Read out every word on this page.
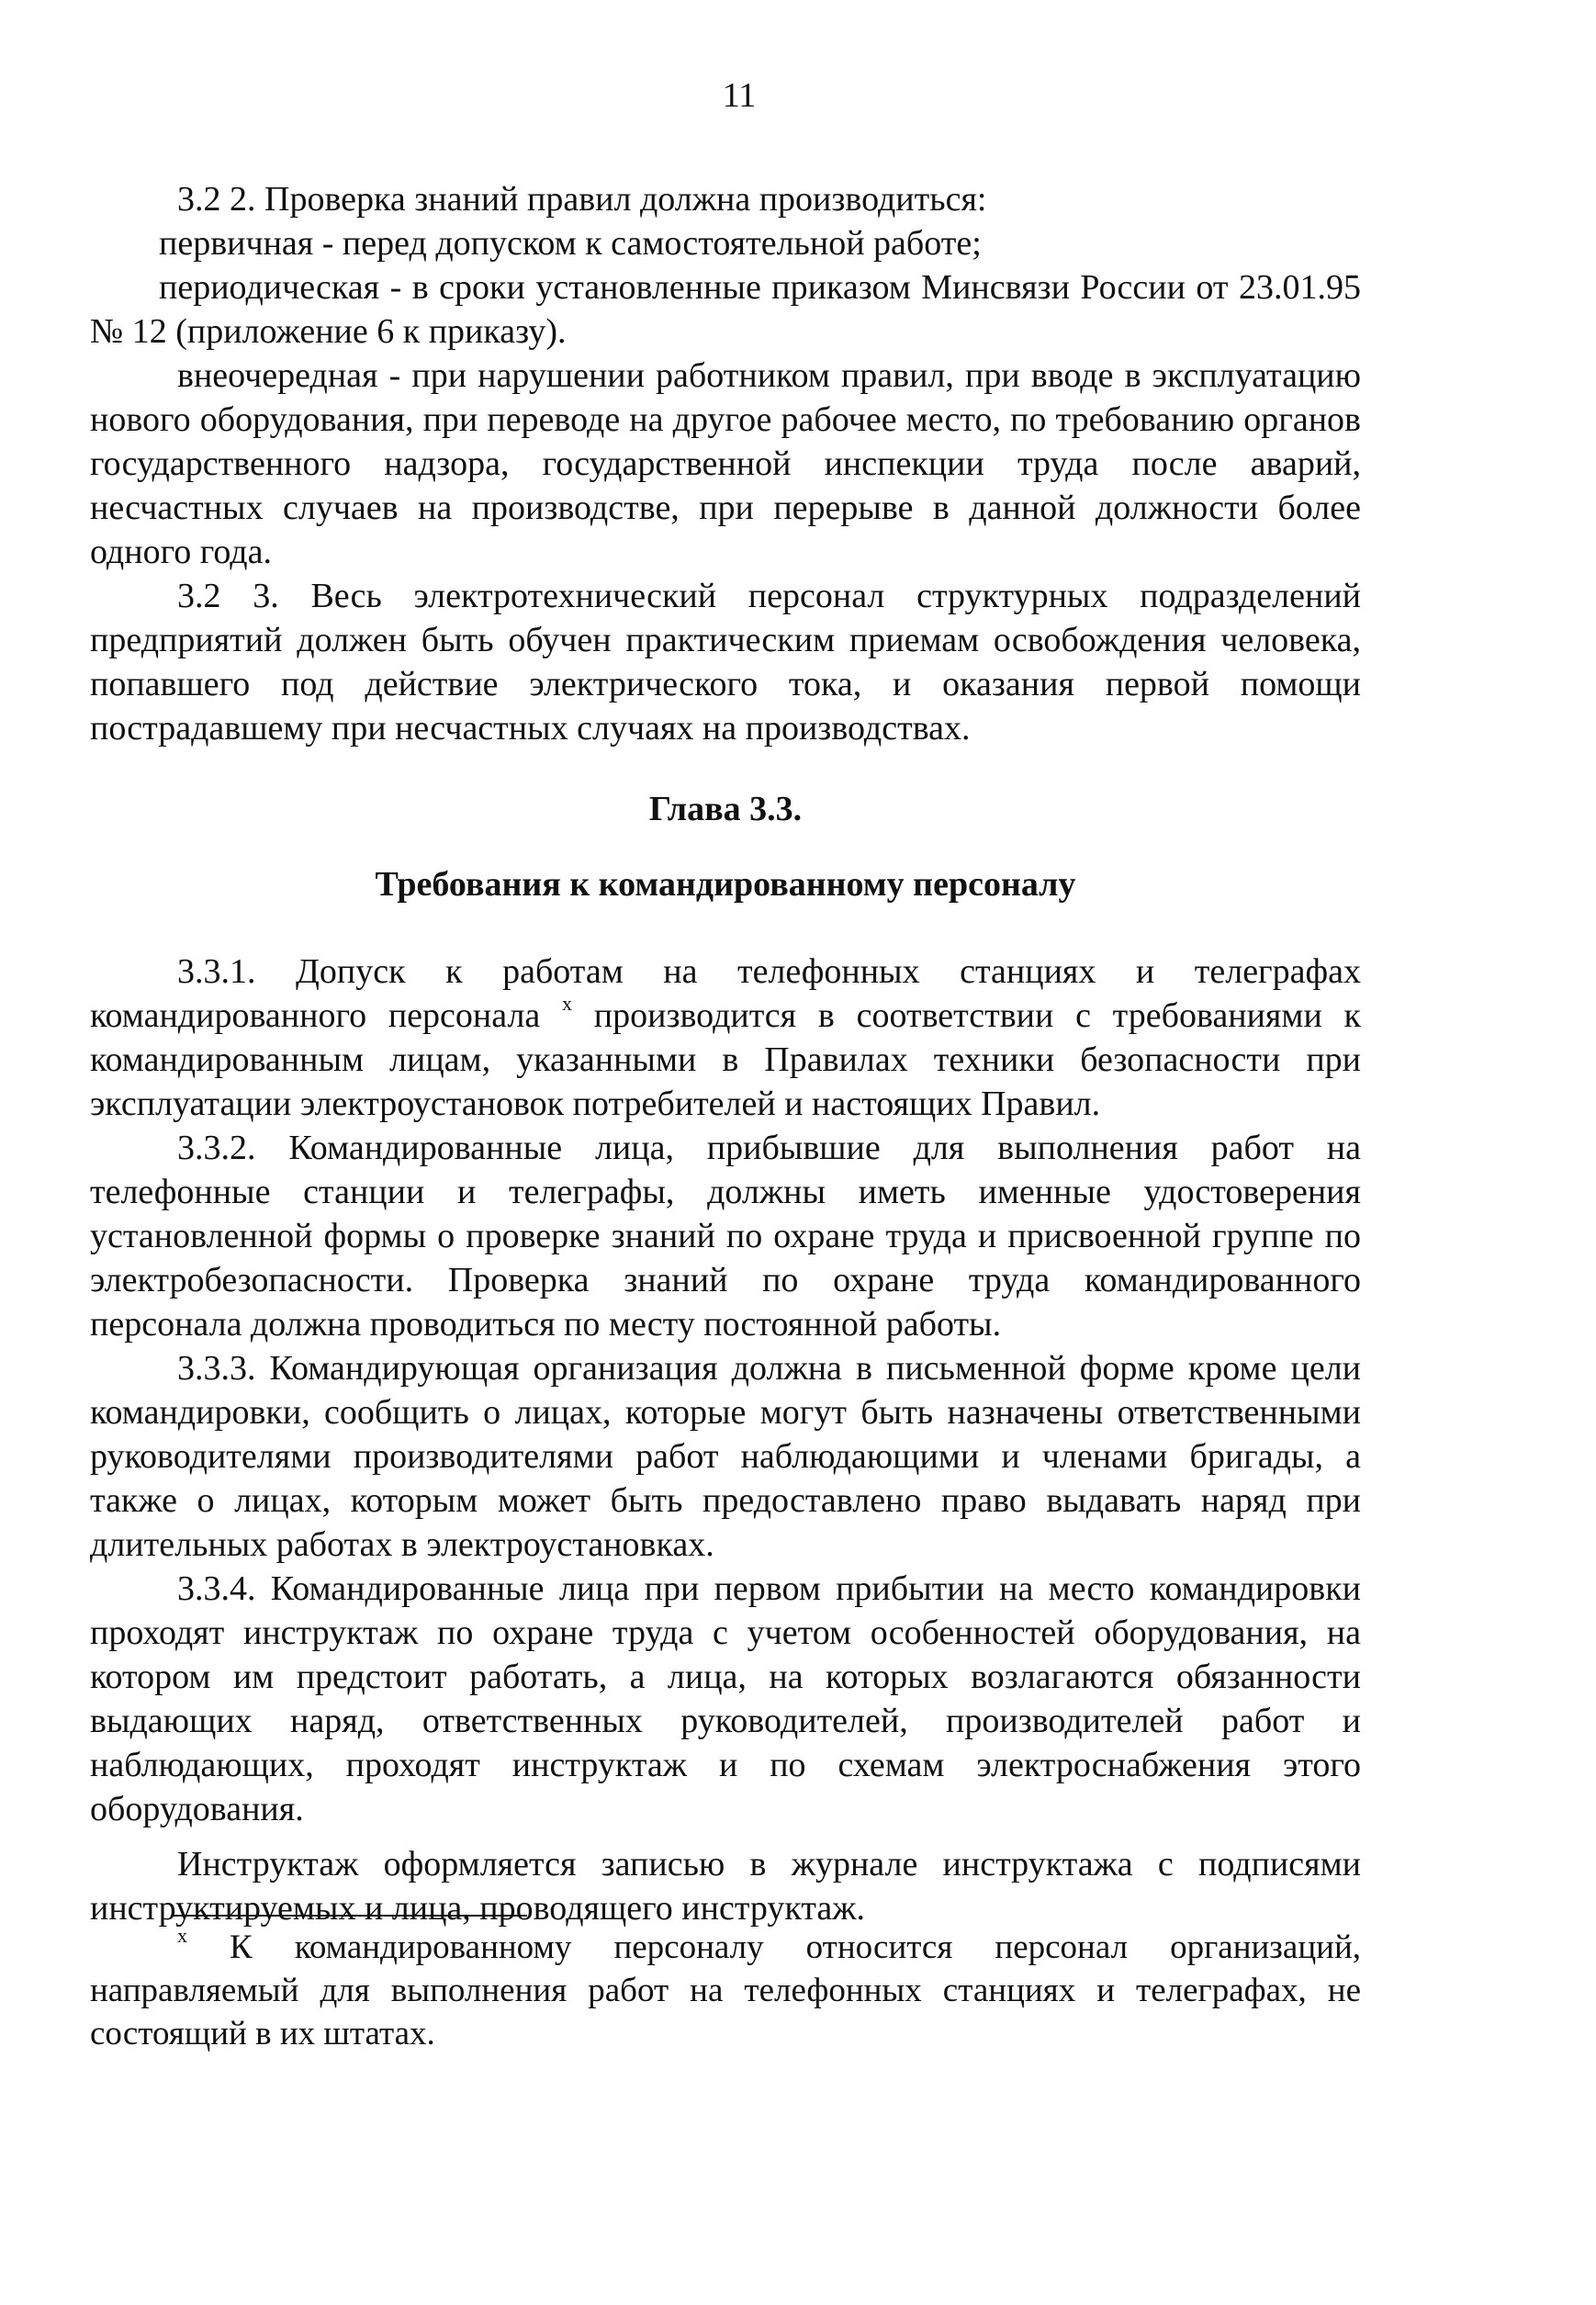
11

3.2 2. Проверка знаний правил должна производиться:

первичная - перед допуском к самостоятельной работе;

периодическая - в сроки установленные приказом Минсвязи России от 23.01.95 № 12 (приложение 6 к приказу).

внеочередная - при нарушении работником правил, при вводе в эксплуатацию нового оборудования, при переводе на другое рабочее место, по требованию органов государственного надзора, государственной инспекции труда после аварий, несчастных случаев на производстве, при перерыве в данной должности более одного года.

3.2 3. Весь электротехнический персонал структурных подразделений предприятий должен быть обучен практическим приемам освобождения человека, попавшего под действие электрического тока, и оказания первой помощи пострадавшему при несчастных случаях на производствах.

Глава 3.3.
Требования к командированному персоналу

3.3.1. Допуск к работам на телефонных станциях и телеграфах командированного персонала $^x$ производится в соответствии с требованиями к командированным лицам, указанными в Правилах техники безопасности при эксплуатации электроустановок потребителей и настоящих Правил.

3.3.2. Командированные лица, прибывшие для выполнения работ на телефонные станции и телеграфы, должны иметь именные удостоверения установленной формы о проверке знаний по охране труда и присвоенной группе по электробезопасности. Проверка знаний по охране труда командированного персонала должна проводиться по месту постоянной работы.

3.3.3. Командирующая организация должна в письменной форме кроме цели командировки, сообщить о лицах, которые могут быть назначены ответственными руководителями производителями работ наблюдающими и членами бригады, а также о лицах, которым может быть предоставлено право выдавать наряд при длительных работах в электроустановках.

3.3.4. Командированные лица при первом прибытии на место командировки проходят инструктаж по охране труда с учетом особенностей оборудования, на котором им предстоит работать, а лица, на которых возлагаются обязанности выдающих наряд, ответственных руководителей, производителей работ и наблюдающих, проходят инструктаж и по схемам электроснабжения этого оборудования.

Инструктаж оформляется записью в журнале инструктажа с подписями инструктируемых и лица, проводящего инструктаж.

$^x$ К командированному персоналу относится персонал организаций, направляемый для выполнения работ на телефонных станциях и телеграфах, не состоящий в их штатах.
